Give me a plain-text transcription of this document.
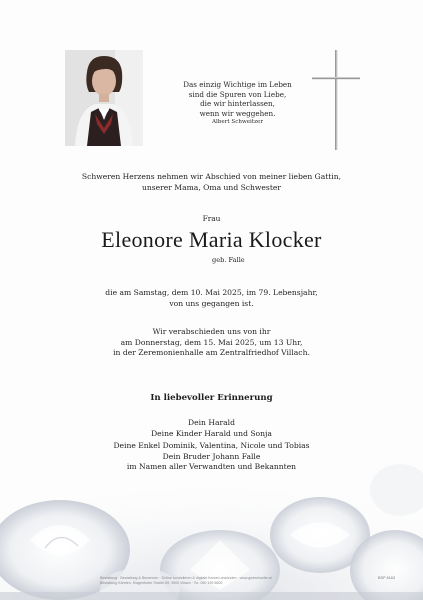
Das einzig Wichtige im Leben
sind die Spuren von Liebe,
die wir hinterlassen,
wenn wir weggehen.
Albert Schweitzer
Schweren Herzens nehmen wir Abschied von meiner lieben Gattin,
unserer Mama, Oma und Schwester
Frau
Eleonore Maria Klocker
geb. Falle
die am Samstag, dem 10. Mai 2025, im 79. Lebensjahr,
von uns gegangen ist.
Wir verabschieden uns von ihr
am Donnerstag, dem 15. Mai 2025, um 13 Uhr,
in der Zeremonienhalle am Zentralfriedhof Villach.
In liebevoller Erinnerung
Dein Harald
Deine Kinder Harald und Sonja
Deine Enkel Dominik, Valentina, Nicole und Tobias
Dein Bruder Johann Falle
im Namen aller Verwandten und Bekannten
Bestattung · Bestattung & Benennen · Online kondolieren & digitale Kerzen anzünden · www.gedenkseite.at
Bestattung Kärnten, Klagenfurter Straße 69, 9500 Villach · Tel. 050 199 6600
BSP 6163
